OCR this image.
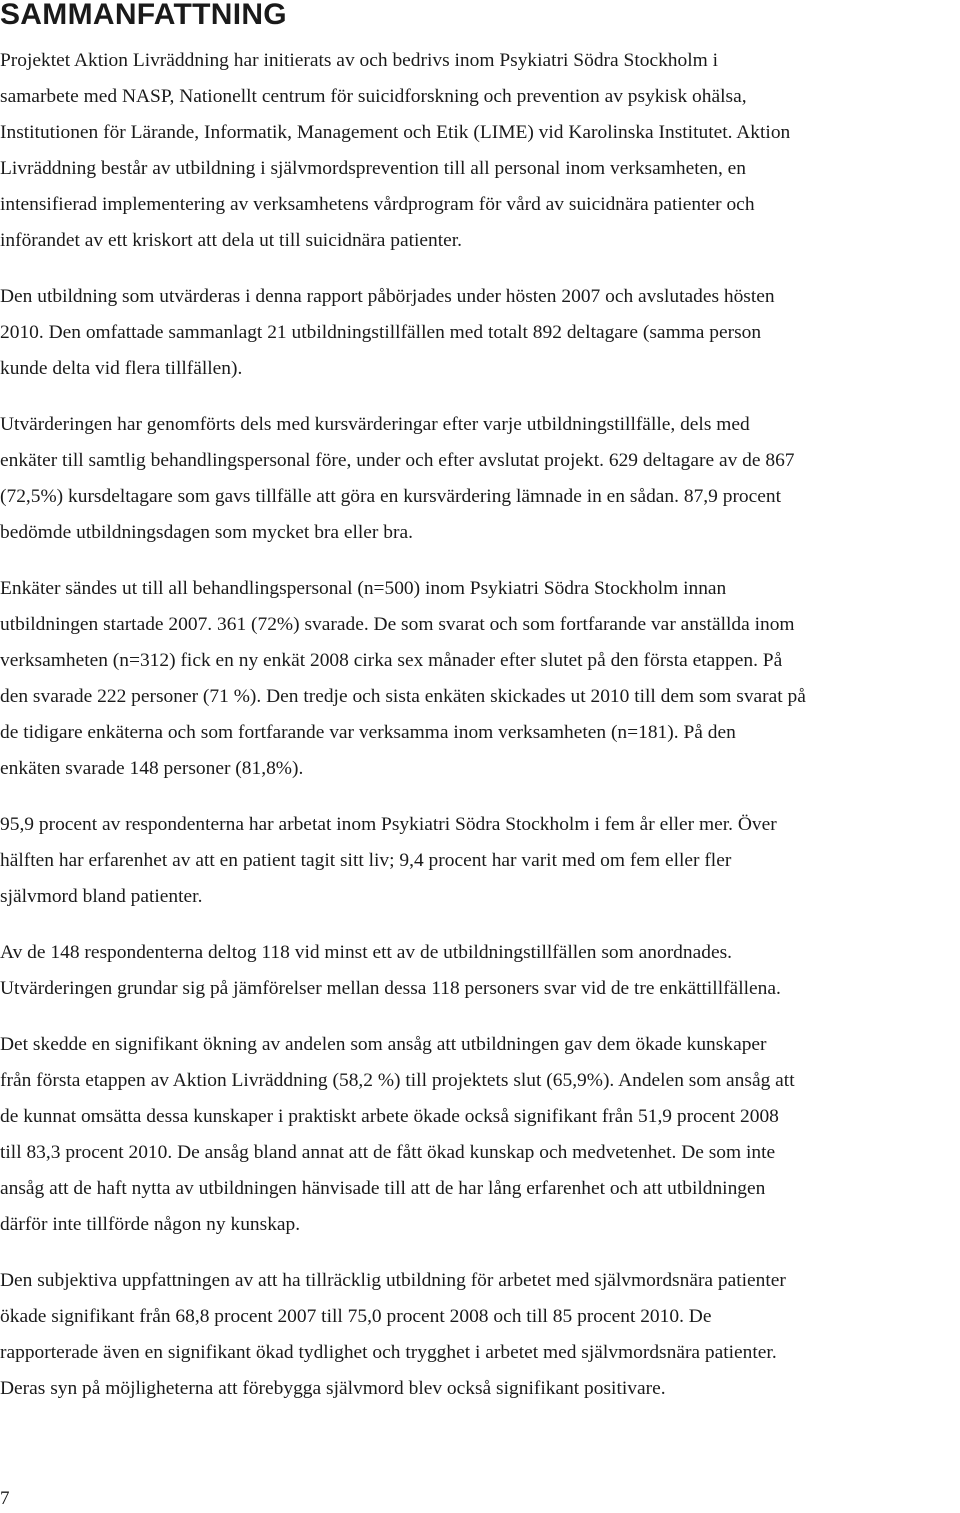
SAMMANFATTNING

Projektet Aktion Livräddning har initierats av och bedrivs inom Psykiatri Södra Stockholm i

samarbete med NASP, Nationellt centrum för suicidforskning och prevention av psykisk ohälsa,

Institutionen för Lärande, Informatik, Management och Etik (LIME) vid Karolinska Institutet. Aktion

Livräddning består av utbildning i självmordsprevention till all personal inom verksamheten, en

intensifierad implementering av verksamhetens vårdprogram för vård av suicidnära patienter och

införandet av ett kriskort att dela ut till suicidnära patienter.

Den utbildning som utvärderas i denna rapport påbörjades under hösten 2007 och avslutades hösten

2010. Den omfattade sammanlagt 21 utbildningstillfällen med totalt 892 deltagare (samma person

kunde delta vid flera tillfällen).

Utvärderingen har genomförts dels med kursvärderingar efter varje utbildningstillfälle, dels med

enkäter till samtlig behandlingspersonal före, under och efter avslutat projekt. 629 deltagare av de 867

(72,5%) kursdeltagare som gavs tillfälle att göra en kursvärdering lämnade in en sådan. 87,9 procent

bedömde utbildningsdagen som mycket bra eller bra.

Enkäter sändes ut till all behandlingspersonal (n=500) inom Psykiatri Södra Stockholm innan

utbildningen startade 2007. 361 (72%) svarade. De som svarat och som fortfarande var anställda inom

verksamheten (n=312) fick en ny enkät 2008 cirka sex månader efter slutet på den första etappen. På

den svarade 222 personer (71 %). Den tredje och sista enkäten skickades ut 2010 till dem som svarat på

de tidigare enkäterna och som fortfarande var verksamma inom verksamheten (n=181). På den

enkäten svarade 148 personer (81,8%).

95,9 procent av respondenterna har arbetat inom Psykiatri Södra Stockholm i fem år eller mer. Över

hälften har erfarenhet av att en patient tagit sitt liv; 9,4 procent har varit med om fem eller fler

självmord bland patienter.

Av de 148 respondenterna deltog 118 vid minst ett av de utbildningstillfällen som anordnades.

Utvärderingen grundar sig på jämförelser mellan dessa 118 personers svar vid de tre enkättillfällena.

Det skedde en signifikant ökning av andelen som ansåg att utbildningen gav dem ökade kunskaper

från första etappen av Aktion Livräddning (58,2 %) till projektets slut (65,9%). Andelen som ansåg att

de kunnat omsätta dessa kunskaper i praktiskt arbete ökade också signifikant från 51,9 procent 2008

till 83,3 procent 2010. De ansåg bland annat att de fått ökad kunskap och medvetenhet. De som inte

ansåg att de haft nytta av utbildningen hänvisade till att de har lång erfarenhet och att utbildningen

därför inte tillförde någon ny kunskap.

Den subjektiva uppfattningen av att ha tillräcklig utbildning för arbetet med självmordsnära patienter

ökade signifikant från 68,8 procent 2007 till 75,0 procent 2008 och till 85 procent 2010. De

rapporterade även en signifikant ökad tydlighet och trygghet i arbetet med självmordsnära patienter.

Deras syn på möjligheterna att förebygga självmord blev också signifikant positivare.

7
